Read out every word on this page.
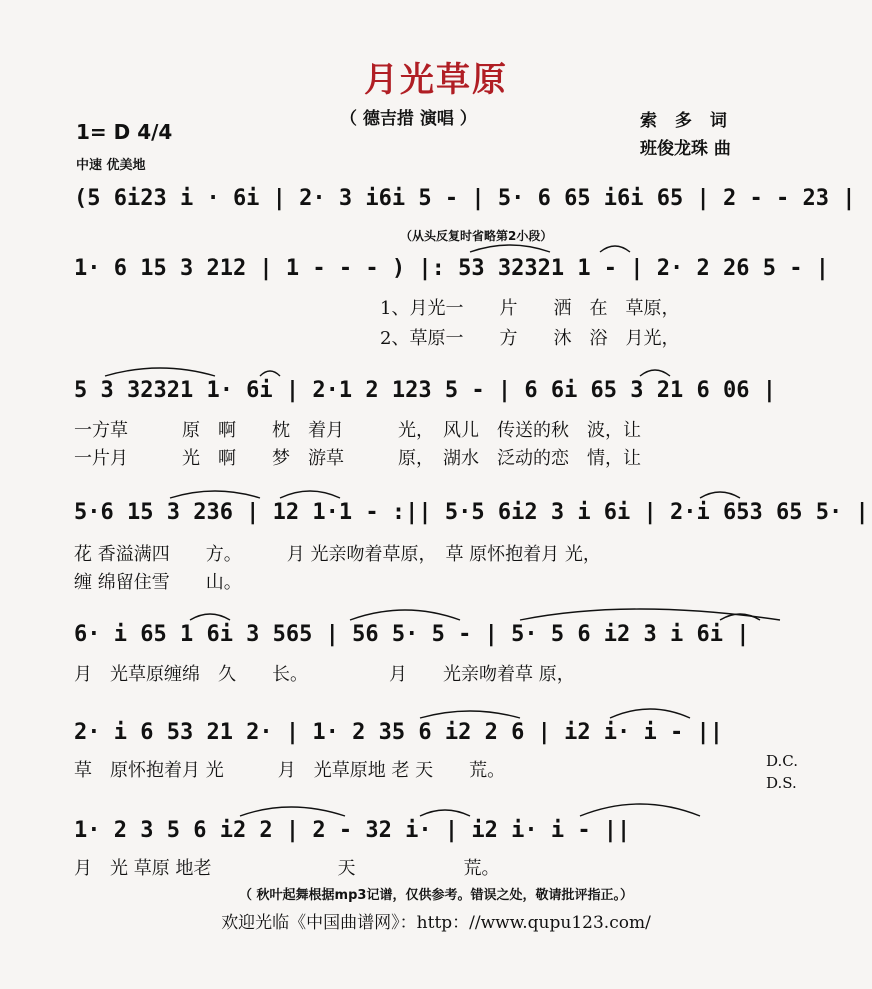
月光草原
（ 德吉措 演唱 ）	索 多 词
班俊龙珠 曲
1= D 4/4
中速 优美地
(5 6i23 i · 6i | 2· 3 i6i 5 - | 5· 6 65 i6i 65 | 2 - - 23 |
（从头反复时省略第2小段）
1· 6 15 3 212 | 1 - - - ) |: 53 32321 1 - | 2· 2 26 5 - |
1、月光一　　片　　洒　在　草原，
2、草原一　　方　　沐　浴　月光，
5 3 32321 1· 6i | 2·1 2 123 5 - | 6 6i 65 3 21 6 06 |
一方草　　　原　啊　　枕　着月　　　光，　风儿　传送的秋　波，让
一片月　　　光　啊　　梦　游草　　　原，　湖水　泛动的恋　情，让
5·6 15 3 236 | 12 1·1 - :|| 5·5 6i2 3 i 6i | 2·i 653 65 5· |
花 香溢满四　　方。　　　月 光亲吻着草原，　草 原怀抱着月 光，
缠 绵留住雪　　山。
6· i 65 1 6i 3 565 | 56 5· 5 - | 5· 5 6 i2 3 i 6i |
月　光草原缠绵　久　　长。　　　　　月　　光亲吻着草 原，
2· i 6 53 21 2· | 1· 2 35 6 i2 2 6 | i2 i· i - ||
草　原怀抱着月 光　　　月　光草原地 老 天　　荒。	D.C.
D.S.
1· 2 3 5 6 i2 2 | 2 - 32 i· | i2 i· i - ||
月　光 草原 地老　　　　　　　天　　　　　　荒。
（ 秋叶起舞根据mp3记谱，仅供参考。错误之处，敬请批评指正。）
欢迎光临《中国曲谱网》：http：//www.qupu123.com/
